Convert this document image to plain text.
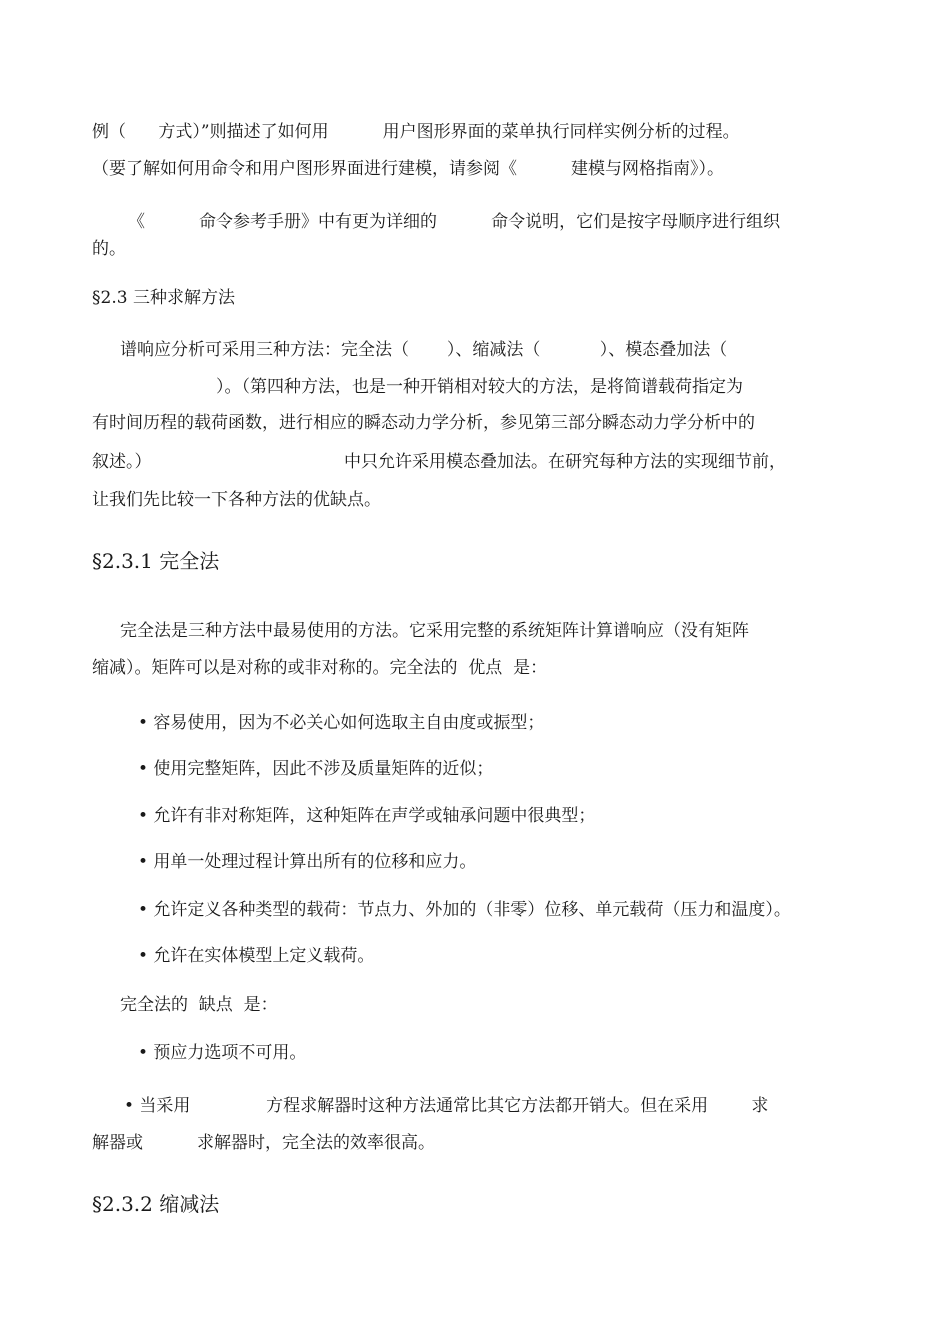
例（      方式）”则描述了如何用          用户图形界面的菜单执行同样实例分析的过程。
（要了解如何用命令和用户图形界面进行建模，请参阅《          建模与网格指南》）。
《          命令参考手册》中有更为详细的          命令说明，它们是按字母顺序进行组织
的。
§2.3 三种求解方法
谱响应分析可采用三种方法：完全法（       ）、缩减法（           ）、模态叠加法（
）。（第四种方法，也是一种开销相对较大的方法，是将简谱载荷指定为
有时间历程的载荷函数，进行相应的瞬态动力学分析，参见第三部分瞬态动力学分析中的
叙述。）	中只允许采用模态叠加法。在研究每种方法的实现细节前，
让我们先比较一下各种方法的优缺点。
§2.3.1 完全法
完全法是三种方法中最易使用的方法。它采用完整的系统矩阵计算谱响应（没有矩阵
缩减）。矩阵可以是对称的或非对称的。完全法的  优点  是：
• 容易使用，因为不必关心如何选取主自由度或振型；
• 使用完整矩阵，因此不涉及质量矩阵的近似；
• 允许有非对称矩阵，这种矩阵在声学或轴承问题中很典型；
• 用单一处理过程计算出所有的位移和应力。
• 允许定义各种类型的载荷：节点力、外加的（非零）位移、单元载荷（压力和温度）。
• 允许在实体模型上定义载荷。
完全法的  缺点  是：
• 预应力选项不可用。
• 当采用              方程求解器时这种方法通常比其它方法都开销大。但在采用        求
解器或          求解器时，完全法的效率很高。
§2.3.2 缩减法
